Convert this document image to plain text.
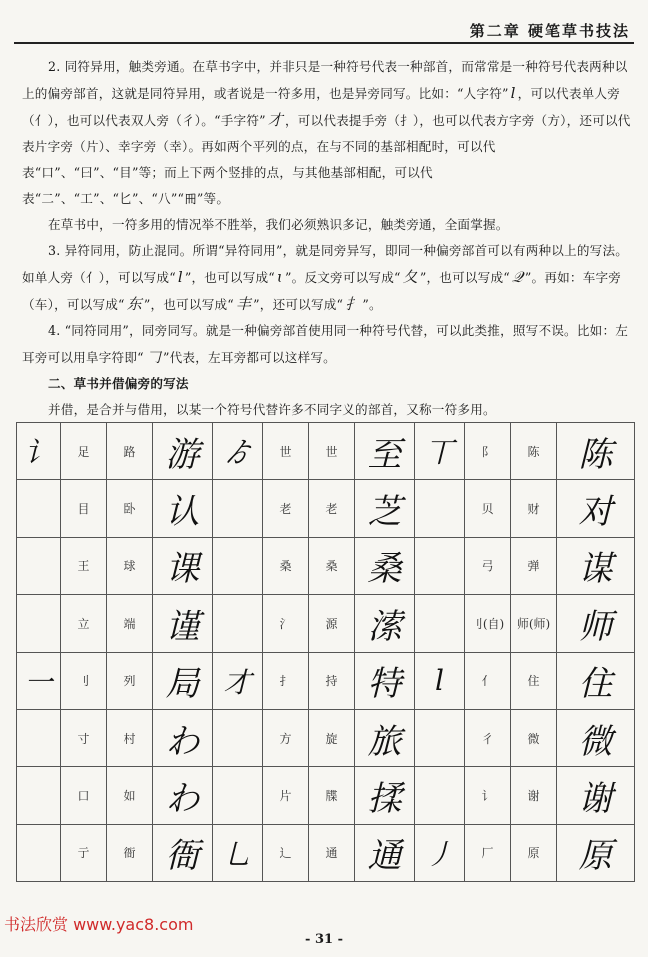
第二章 硬笔草书技法

2. 同符异用，触类旁通。在草书字中，并非只是一种符号代表一种部首，而常常是一种符号代表两种以上的偏旁部首，这就是同符异用，或者说是一符多用，也是异旁同写。比如：“人字符” l ，可以代表单人旁（亻），也可以代表双人旁（彳）。“手字符” 才 ，可以代表提手旁（扌），也可以代表方字旁（方），还可以代表片字旁（片）、幸字旁（幸）。再如两个平列的点，在与不同的基部相配时，可以代表“口”、“曰”、“目”等；而上下两个竖排的点，与其他基部相配，可以代表“二”、“工”、“匕”、“八”“𠕁”等。

在草书中，一符多用的情况举不胜举，我们必须熟识多记，触类旁通，全面掌握。

3. 异符同用，防止混同。所谓“异符同用”，就是同旁异写，即同一种偏旁部首可以有两种以上的写法。如单人旁（亻），可以写成“ l ”，也可以写成“ ɩ ”。反文旁可以写成“ 夂 ”，也可以写成“ 𝒬 ”。再如：车字旁（车），可以写成“ 东 ”，也可以写成“ 丰 ”，还可以写成“ 扌 ”。

4. “同符同用”，同旁同写。就是一种偏旁部首使用同一种符号代替，可以此类推，照写不误。比如：左耳旁可以用阜字符即“ 𠃌 ”代表，左耳旁都可以这样写。

二、草书并借偏旁的写法

并借，是合并与借用，以某一个符号代替许多不同字义的部首，又称一符多用。

讠	足	路	游	ゟ	世	世	至	丅	阝	陈	陈
	目	卧	认		老	老	芝		贝	财	对
	王	球	课		桑	桑	桑		弓	弹	谋
	立	端	谨		氵	源	溹		刂(自)	师(师)	师
一	刂	列	局	才	扌	持	特	l	亻	住	住
	寸	村	わ		方	旋	旅		彳	微	微
	口	如	わ		片	牒	揉		讠	谢	谢
	亍	衙	衙	乚	辶	通	通	丿	厂	原	原
书法欣赏 www.yac8.com
- 31 -
